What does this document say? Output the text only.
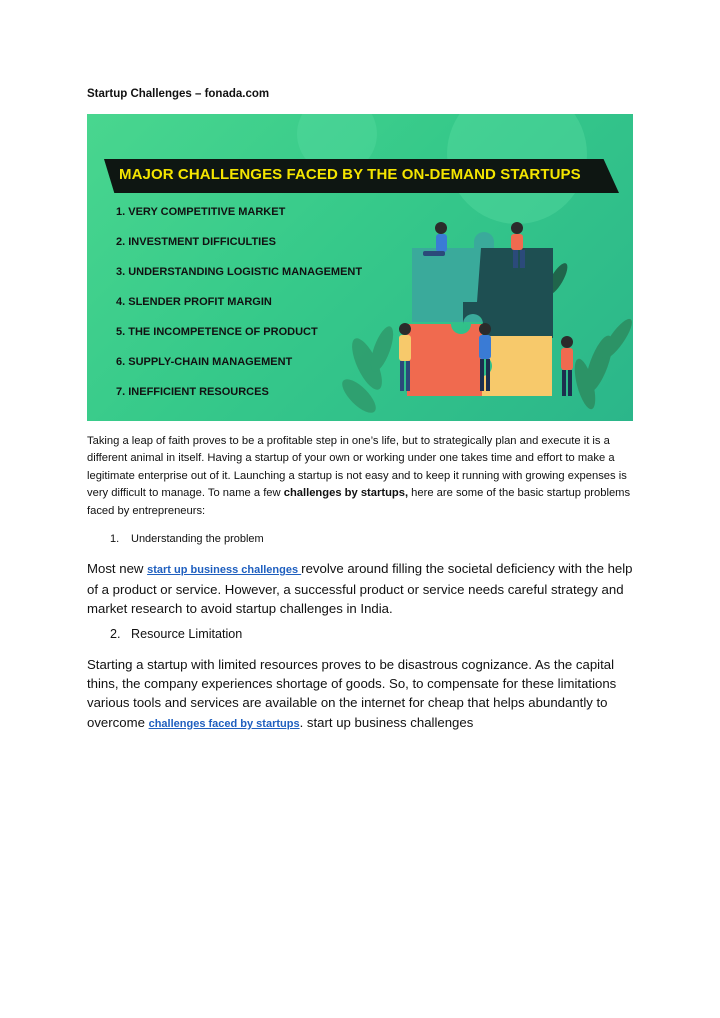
Startup Challenges – fonada.com
MAJOR CHALLENGES FACED BY THE ON-DEMAND STARTUPS
1. VERY COMPETITIVE MARKET
2. INVESTMENT DIFFICULTIES
3. UNDERSTANDING LOGISTIC MANAGEMENT
4. SLENDER PROFIT MARGIN
5. THE INCOMPETENCE OF PRODUCT
6. SUPPLY-CHAIN MANAGEMENT
7. INEFFICIENT RESOURCES

Taking a leap of faith proves to be a profitable step in one’s life, but to strategically plan and execute it is a different animal in itself. Having a startup of your own or working under one takes time and effort to make a legitimate enterprise out of it. Launching a startup is not easy and to keep it running with growing expenses is very difficult to manage. To name a few challenges by startups, here are some of the basic startup problems faced by entrepreneurs:

1. Understanding the problem

Most new start up business challenges revolve around filling the societal deficiency with the help of a product or service. However, a successful product or service needs careful strategy and market research to avoid startup challenges in India.

2. Resource Limitation

Starting a startup with limited resources proves to be disastrous cognizance. As the capital thins, the company experiences shortage of goods. So, to compensate for these limitations various tools and services are available on the internet for cheap that helps abundantly to overcome challenges faced by startups. start up business challenges
